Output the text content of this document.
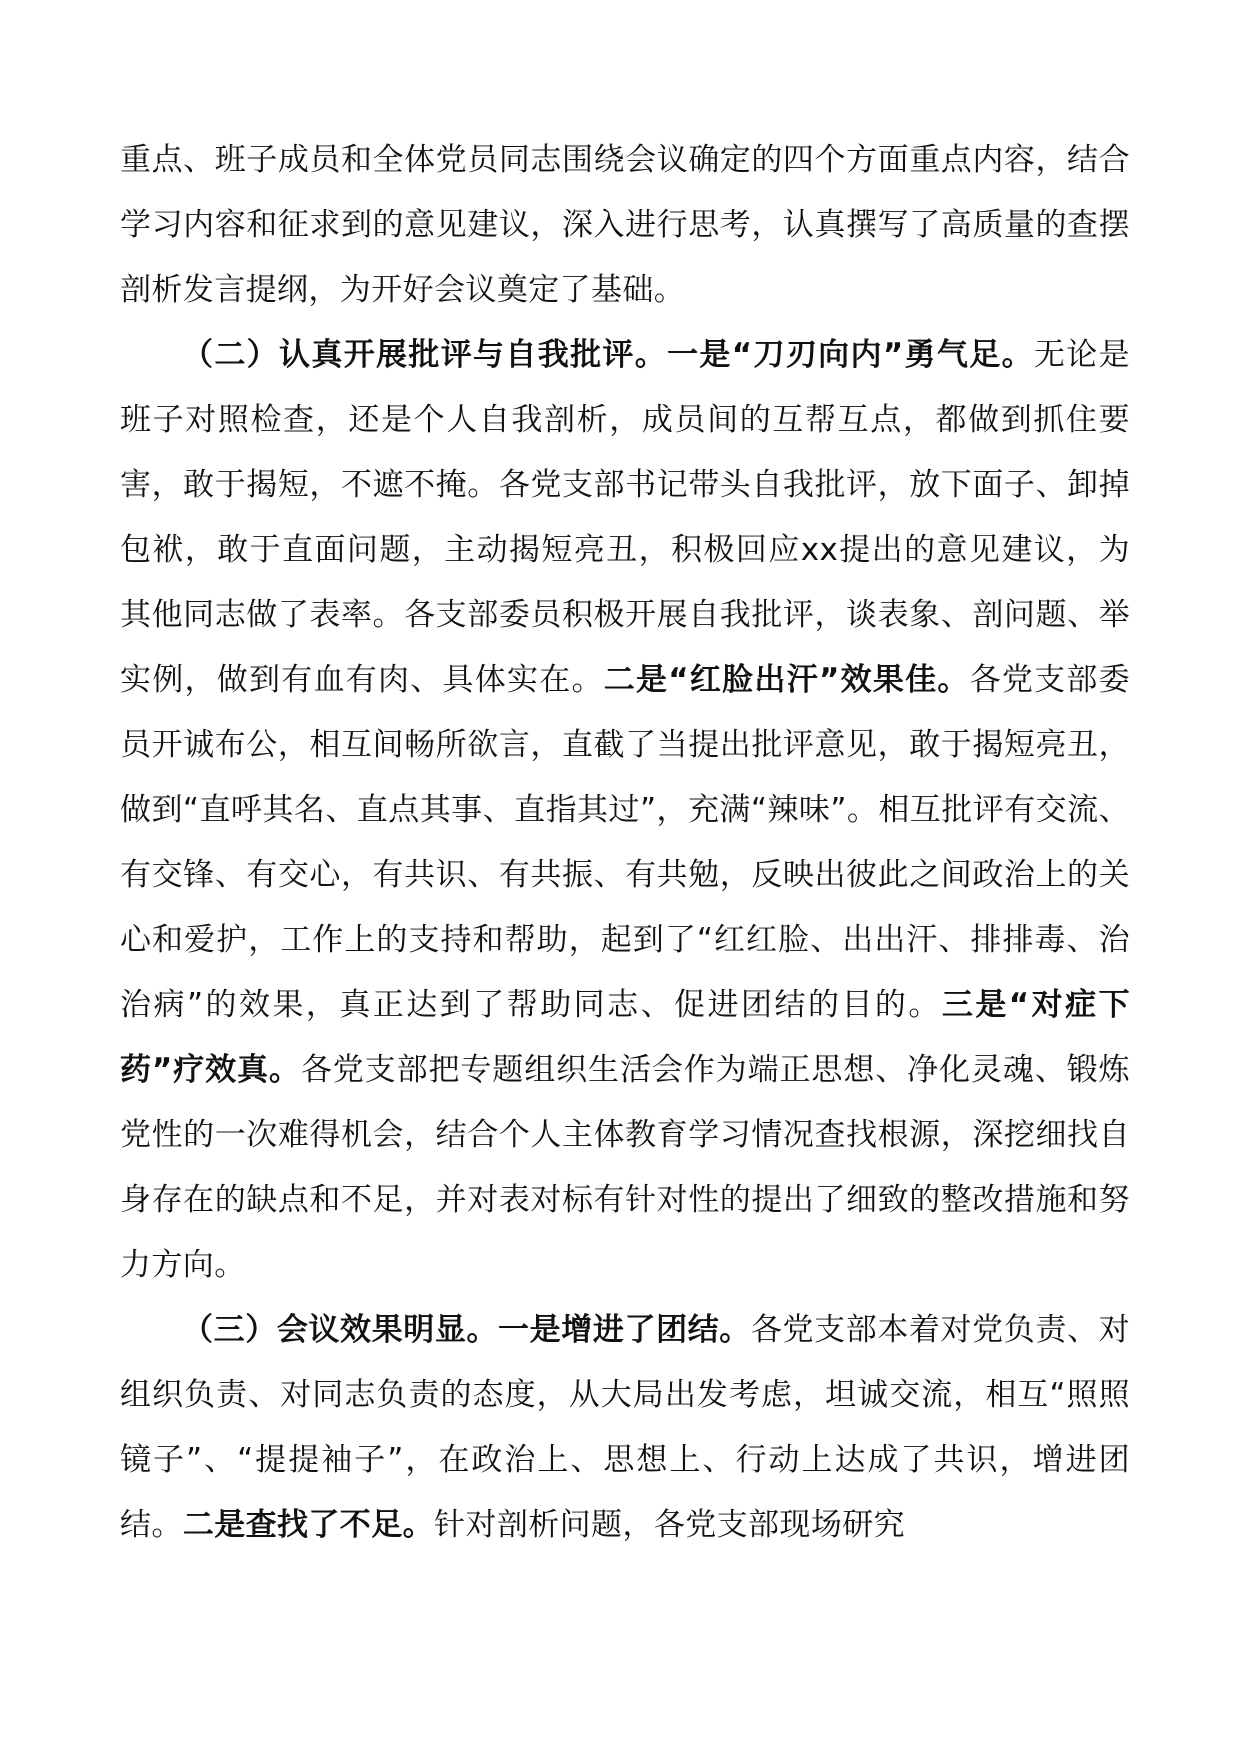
重点、班子成员和全体党员同志围绕会议确定的四个方面重点内容，结合学习内容和征求到的意见建议，深入进行思考，认真撰写了高质量的查摆剖析发言提纲，为开好会议奠定了基础。

（二）认真开展批评与自我批评。一是“刀刃向内”勇气足。无论是班子对照检查，还是个人自我剖析，成员间的互帮互点，都做到抓住要害，敢于揭短，不遮不掩。各党支部书记带头自我批评，放下面子、卸掉包袱，敢于直面问题，主动揭短亮丑，积极回应xx提出的意见建议，为其他同志做了表率。各支部委员积极开展自我批评，谈表象、剖问题、举实例，做到有血有肉、具体实在。二是“红脸出汗”效果佳。各党支部委员开诚布公，相互间畅所欲言，直截了当提出批评意见，敢于揭短亮丑，做到“直呼其名、直点其事、直指其过”，充满“辣味”。相互批评有交流、有交锋、有交心，有共识、有共振、有共勉，反映出彼此之间政治上的关心和爱护，工作上的支持和帮助，起到了“红红脸、出出汗、排排毒、治治病”的效果，真正达到了帮助同志、促进团结的目的。三是“对症下药”疗效真。各党支部把专题组织生活会作为端正思想、净化灵魂、锻炼党性的一次难得机会，结合个人主体教育学习情况查找根源，深挖细找自身存在的缺点和不足，并对表对标有针对性的提出了细致的整改措施和努力方向。

（三）会议效果明显。一是增进了团结。各党支部本着对党负责、对组织负责、对同志负责的态度，从大局出发考虑，坦诚交流，相互“照照镜子”、“提提袖子”，在政治上、思想上、行动上达成了共识，增进团结。二是查找了不足。针对剖析问题，各党支部现场研究
